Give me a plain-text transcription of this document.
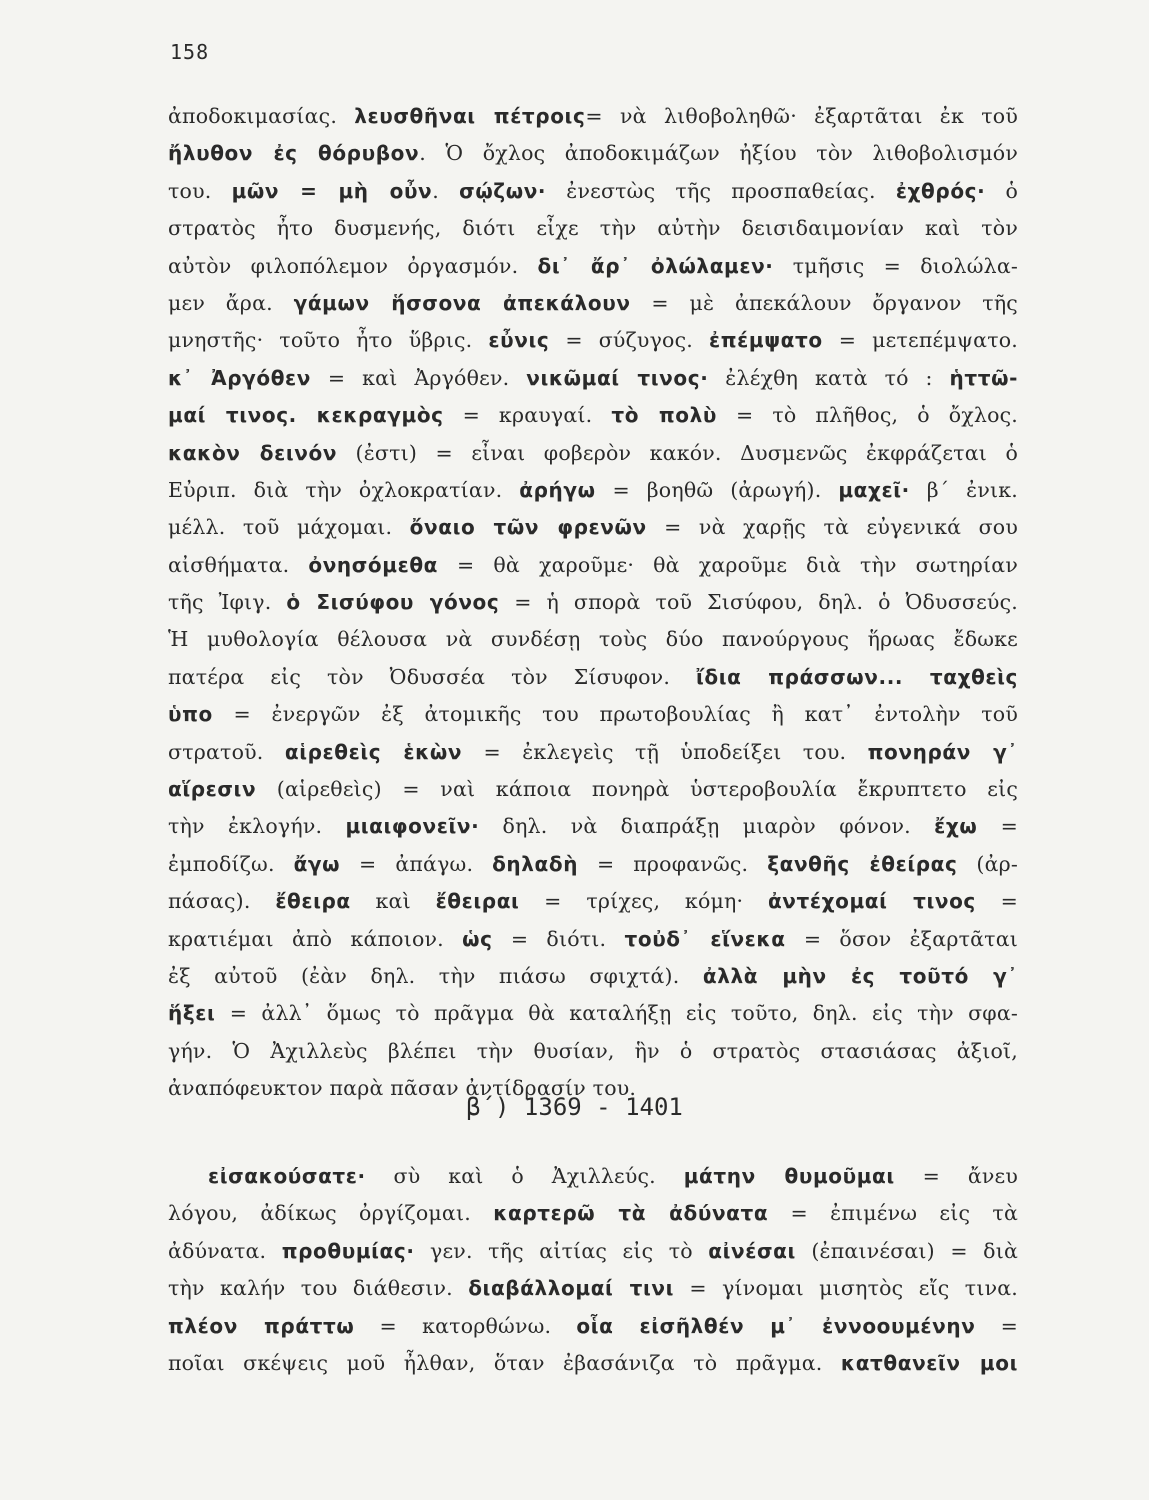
158
ἀποδοκιμασίας. λευσθῆναι πέτροις= νὰ λιθοβοληθῶ· ἐξαρτᾶται ἐκ τοῦ
ἤλυθον ἐς θόρυβον. Ὁ ὄχλος ἀποδοκιμάζων ἠξίου τὸν λιθοβολισμόν
του. μῶν = μὴ οὖν. σῴζων· ἐνεστὼς τῆς προσπαθείας. ἐχθρός· ὁ
στρατὸς ἦτο δυσμενής, διότι εἶχε τὴν αὐτὴν δεισιδαιμονίαν καὶ τὸν
αὐτὸν φιλοπόλεμον ὀργασμόν. δι᾽ ἄρ᾽ ὀλώλαμεν· τμῆσις = διολώλα-
μεν ἄρα. γάμων ἥσσονα ἀπεκάλουν = μὲ ἀπεκάλουν ὄργανον τῆς
μνηστῆς· τοῦτο ἦτο ὕβρις. εὖνις = σύζυγος. ἐπέμψατο = μετεπέμψατο.
κ᾽ Ἀργόθεν = καὶ Ἀργόθεν. νικῶμαί τινος· ἐλέχθη κατὰ τό : ἡττῶ-
μαί τινος. κεκραγμὸς = κραυγαί. τὸ πολὺ = τὸ πλῆθος, ὁ ὄχλος.
κακὸν δεινόν (ἐστι) = εἶναι φοβερὸν κακόν. Δυσμενῶς ἐκφράζεται ὁ
Εὐριπ. διὰ τὴν ὀχλοκρατίαν. ἀρήγω = βοηθῶ (ἀρωγή). μαχεῖ· β΄ ἐνικ.
μέλλ. τοῦ μάχομαι. ὄναιο τῶν φρενῶν = νὰ χαρῇς τὰ εὐγενικά σου
αἰσθήματα. ὀνησόμεθα = θὰ χαροῦμε· θὰ χαροῦμε διὰ τὴν σωτηρίαν
τῆς Ἰφιγ. ὁ Σισύφου γόνος = ἡ σπορὰ τοῦ Σισύφου, δηλ. ὁ Ὀδυσσεύς.
Ἡ μυθολογία θέλουσα νὰ συνδέσῃ τοὺς δύο πανούργους ἥρωας ἔδωκε
πατέρα εἰς τὸν Ὀδυσσέα τὸν Σίσυφον. ἴδια πράσσων... ταχθεὶς
ὑπο = ἐνεργῶν ἐξ ἀτομικῆς του πρωτοβουλίας ἢ κατ᾽ ἐντολὴν τοῦ
στρατοῦ. αἱρεθεὶς ἑκὼν = ἐκλεγεὶς τῇ ὑποδείξει του. πονηράν γ᾽
αἵρεσιν (αἱρεθεὶς) = ναὶ κάποια πονηρὰ ὑστεροβουλία ἔκρυπτετο εἰς
τὴν ἐκλογήν. μιαιφονεῖν· δηλ. νὰ διαπράξῃ μιαρὸν φόνον. ἔχω =
ἐμποδίζω. ἄγω = ἀπάγω. δηλαδὴ = προφανῶς. ξανθῆς ἐθείρας (ἀρ-
πάσας). ἔθειρα καὶ ἔθειραι = τρίχες, κόμη· ἀντέχομαί τινος =
κρατιέμαι ἀπὸ κάποιον. ὡς = διότι. τοὐδ᾽ εἵνεκα = ὅσον ἐξαρτᾶται
ἐξ αὐτοῦ (ἐὰν δηλ. τὴν πιάσω σφιχτά). ἀλλὰ μὴν ἐς τοῦτό γ᾽
ἥξει = ἀλλ᾽ ὅμως τὸ πρᾶγμα θὰ καταλήξῃ εἰς τοῦτο, δηλ. εἰς τὴν σφα-
γήν. Ὁ Ἀχιλλεὺς βλέπει τὴν θυσίαν, ἣν ὁ στρατὸς στασιάσας ἀξιοῖ,
ἀναπόφευκτον παρὰ πᾶσαν ἀντίδρασίν του.
β΄) 1369 - 1401
εἰσακούσατε· σὺ καὶ ὁ Ἀχιλλεύς. μάτην θυμοῦμαι = ἄνευ
λόγου, ἀδίκως ὀργίζομαι. καρτερῶ τὰ ἀδύνατα = ἐπιμένω εἰς τὰ
ἀδύνατα. προθυμίας· γεν. τῆς αἰτίας εἰς τὸ αἰνέσαι (ἐπαινέσαι) = διὰ
τὴν καλήν του διάθεσιν. διαβάλλομαί τινι = γίνομαι μισητὸς εἴς τινα.
πλέον πράττω = κατορθώνω. οἷα εἰσῆλθέν μ᾽ ἐννοουμένην =
ποῖαι σκέψεις μοῦ ἦλθαν, ὅταν ἐβασάνιζα τὸ πρᾶγμα. κατθανεῖν μοι
